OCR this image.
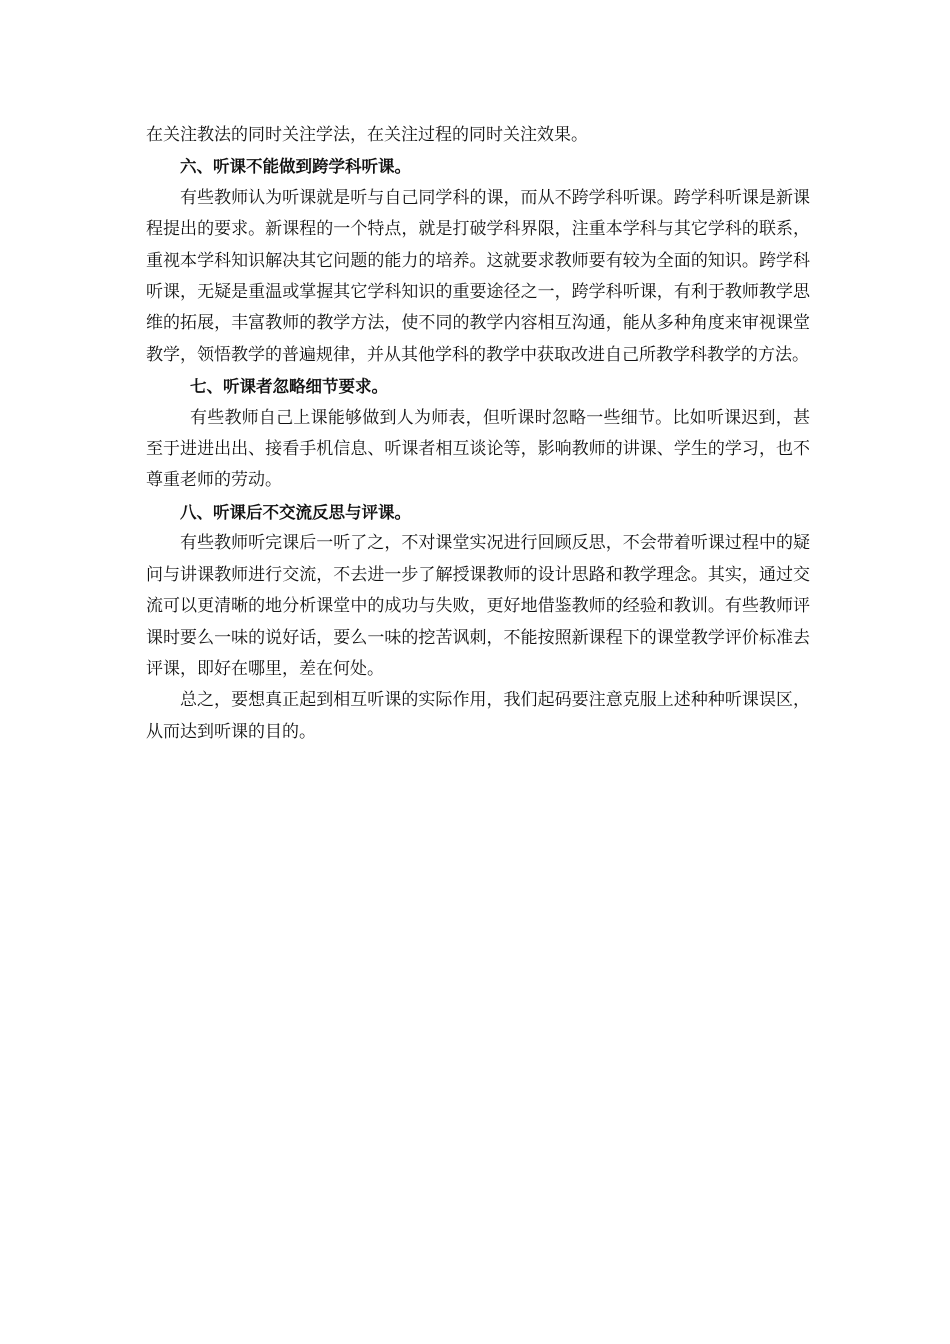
在关注教法的同时关注学法，在关注过程的同时关注效果。

六、听课不能做到跨学科听课。

有些教师认为听课就是听与自己同学科的课，而从不跨学科听课。跨学科听课是新课程提出的要求。新课程的一个特点，就是打破学科界限，注重本学科与其它学科的联系，重视本学科知识解决其它问题的能力的培养。这就要求教师要有较为全面的知识。跨学科听课，无疑是重温或掌握其它学科知识的重要途径之一，跨学科听课，有利于教师教学思维的拓展，丰富教师的教学方法，使不同的教学内容相互沟通，能从多种角度来审视课堂教学，领悟教学的普遍规律，并从其他学科的教学中获取改进自己所教学科教学的方法。

七、听课者忽略细节要求。

有些教师自己上课能够做到人为师表，但听课时忽略一些细节。比如听课迟到，甚至于进进出出、接看手机信息、听课者相互谈论等，影响教师的讲课、学生的学习，也不尊重老师的劳动。

八、听课后不交流反思与评课。

有些教师听完课后一听了之，不对课堂实况进行回顾反思，不会带着听课过程中的疑问与讲课教师进行交流，不去进一步了解授课教师的设计思路和教学理念。其实，通过交流可以更清晰的地分析课堂中的成功与失败，更好地借鉴教师的经验和教训。有些教师评课时要么一味的说好话，要么一味的挖苦讽刺，不能按照新课程下的课堂教学评价标准去评课，即好在哪里，差在何处。

总之，要想真正起到相互听课的实际作用，我们起码要注意克服上述种种听课误区，从而达到听课的目的。
